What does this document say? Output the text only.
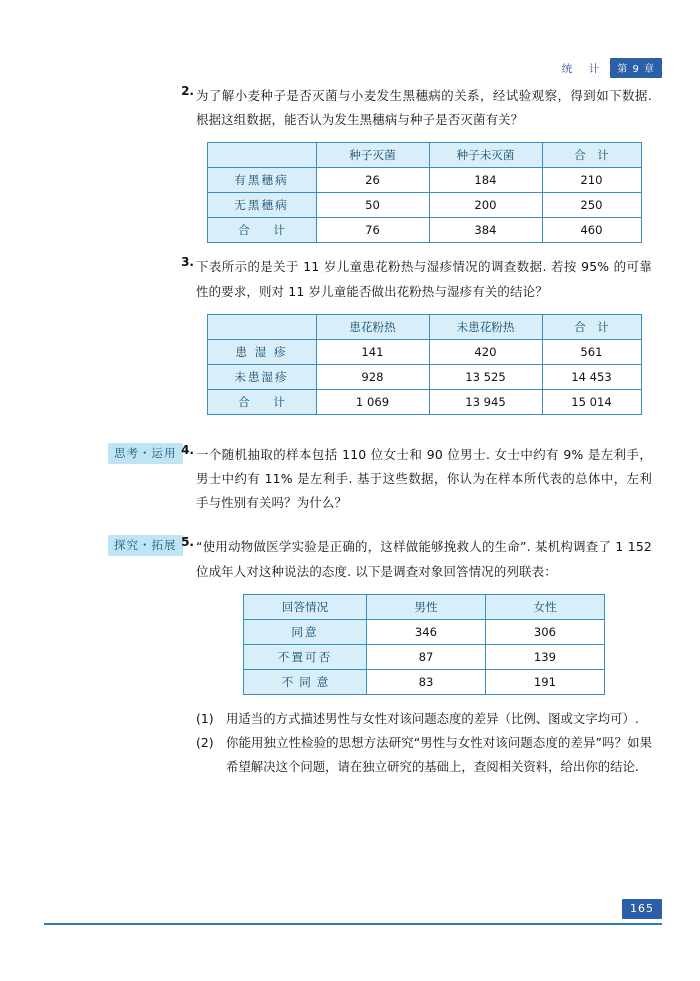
统　计	第 9 章
2. 为了解小麦种子是否灭菌与小麦发生黑穗病的关系，经试验观察，得到如下数据. 根据这组数据，能否认为发生黑穗病与种子是否灭菌有关？
	种子灭菌	种子未灭菌	合　计
有黑穗病	26	184	210
无黑穗病	50	200	250
合　计	76	384	460
3. 下表所示的是关于 11 岁儿童患花粉热与湿疹情况的调查数据. 若按 95% 的可靠性的要求，则对 11 岁儿童能否做出花粉热与湿疹有关的结论？
	患花粉热	未患花粉热	合　计
患 湿 疹	141	420	561
未患湿疹	928	13 525	14 453
合　计	1 069	13 945	15 014
思考・运用 4. 一个随机抽取的样本包括 110 位女士和 90 位男士. 女士中约有 9% 是左利手，男士中约有 11% 是左利手. 基于这些数据，你认为在样本所代表的总体中，左利手与性别有关吗？为什么？
探究・拓展 5. “使用动物做医学实验是正确的，这样做能够挽救人的生命”. 某机构调查了 1 152 位成年人对这种说法的态度. 以下是调查对象回答情况的列联表：
回答情况	男性	女性
同意	346	306
不置可否	87	139
不同意	83	191
(1) 用适当的方式描述男性与女性对该问题态度的差异（比例、图或文字均可）.
(2) 你能用独立性检验的思想方法研究“男性与女性对该问题态度的差异”吗？如果希望解决这个问题，请在独立研究的基础上，查阅相关资料，给出你的结论.
165
